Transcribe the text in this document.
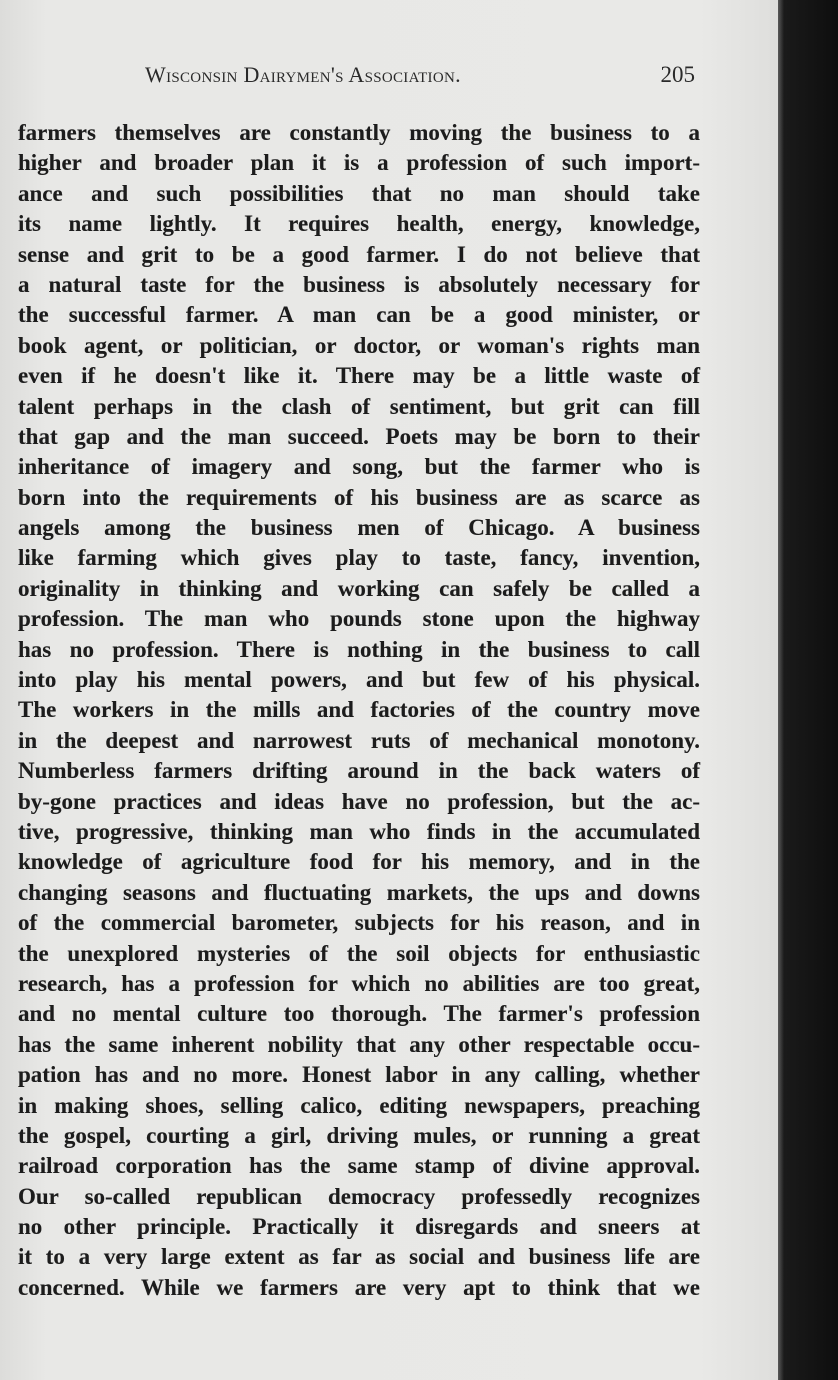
Wisconsin Dairymen's Association.	205
farmers themselves are constantly moving the business to a
higher and broader plan it is a profession of such import-
ance and such possibilities that no man should take
its name lightly. It requires health, energy, knowledge,
sense and grit to be a good farmer. I do not believe that
a natural taste for the business is absolutely necessary for
the successful farmer. A man can be a good minister, or
book agent, or politician, or doctor, or woman's rights man
even if he doesn't like it. There may be a little waste of
talent perhaps in the clash of sentiment, but grit can fill
that gap and the man succeed. Poets may be born to their
inheritance of imagery and song, but the farmer who is
born into the requirements of his business are as scarce as
angels among the business men of Chicago. A business
like farming which gives play to taste, fancy, invention,
originality in thinking and working can safely be called a
profession. The man who pounds stone upon the highway
has no profession. There is nothing in the business to call
into play his mental powers, and but few of his physical.
The workers in the mills and factories of the country move
in the deepest and narrowest ruts of mechanical monotony.
Numberless farmers drifting around in the back waters of
by-gone practices and ideas have no profession, but the ac-
tive, progressive, thinking man who finds in the accumulated
knowledge of agriculture food for his memory, and in the
changing seasons and fluctuating markets, the ups and downs
of the commercial barometer, subjects for his reason, and in
the unexplored mysteries of the soil objects for enthusiastic
research, has a profession for which no abilities are too great,
and no mental culture too thorough. The farmer's profession
has the same inherent nobility that any other respectable occu-
pation has and no more. Honest labor in any calling, whether
in making shoes, selling calico, editing newspapers, preaching
the gospel, courting a girl, driving mules, or running a great
railroad corporation has the same stamp of divine approval.
Our so-called republican democracy professedly recognizes
no other principle. Practically it disregards and sneers at
it to a very large extent as far as social and business life are
concerned. While we farmers are very apt to think that we
